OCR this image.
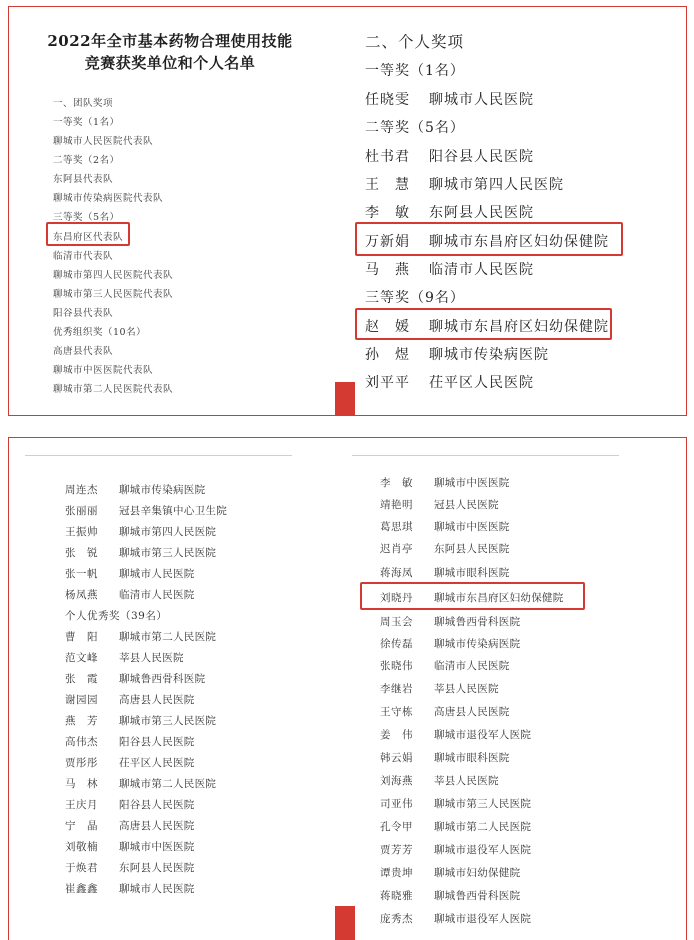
2022年全市基本药物合理使用技能
竞赛获奖单位和个人名单
一、团队奖项
一等奖（1名）
聊城市人民医院代表队
二等奖（2名）
东阿县代表队
聊城市传染病医院代表队
三等奖（5名）
东昌府区代表队
临清市代表队
聊城市第四人民医院代表队
聊城市第三人民医院代表队
阳谷县代表队
优秀组织奖（10名）
高唐县代表队
聊城市中医医院代表队
聊城市第二人民医院代表队
二、个人奖项
一等奖（1名）
任晓雯 聊城市人民医院
二等奖（5名）
杜书君 阳谷县人民医院
王　慧 聊城市第四人民医院
李　敏 东阿县人民医院
万新娟 聊城市东昌府区妇幼保健院
马　燕 临清市人民医院
三等奖（9名）
赵　媛 聊城市东昌府区妇幼保健院
孙　煜 聊城市传染病医院
刘平平 茌平区人民医院
周连杰 聊城市传染病医院
张丽丽 冠县辛集镇中心卫生院
王振帅 聊城市第四人民医院
张　锐 聊城市第三人民医院
张一帆 聊城市人民医院
杨凤燕 临清市人民医院
个人优秀奖（39名）
曹　阳 聊城市第二人民医院
范文峰 莘县人民医院
张　霞 聊城鲁西骨科医院
谢园园 高唐县人民医院
燕　芳 聊城市第三人民医院
高伟杰 阳谷县人民医院
贾彤彤 茌平区人民医院
马　林 聊城市第二人民医院
王庆月 阳谷县人民医院
宁　晶 高唐县人民医院
刘敬楠 聊城市中医医院
于焕君 东阿县人民医院
崔鑫鑫 聊城市人民医院
李　敏 聊城市中医医院
靖艳明 冠县人民医院
葛思琪 聊城市中医医院
迟肖亭 东阿县人民医院
蒋海凤 聊城市眼科医院
刘晓丹 聊城市东昌府区妇幼保健院
周玉会 聊城鲁西骨科医院
徐传磊 聊城市传染病医院
张晓伟 临清市人民医院
李继岩 莘县人民医院
王守栋 高唐县人民医院
姜　伟 聊城市退役军人医院
韩云娟 聊城市眼科医院
刘海燕 莘县人民医院
司亚伟 聊城市第三人民医院
孔令甲 聊城市第二人民医院
贾芳芳 聊城市退役军人医院
谭贵坤 聊城市妇幼保健院
蒋晓雅 聊城鲁西骨科医院
庞秀杰 聊城市退役军人医院
